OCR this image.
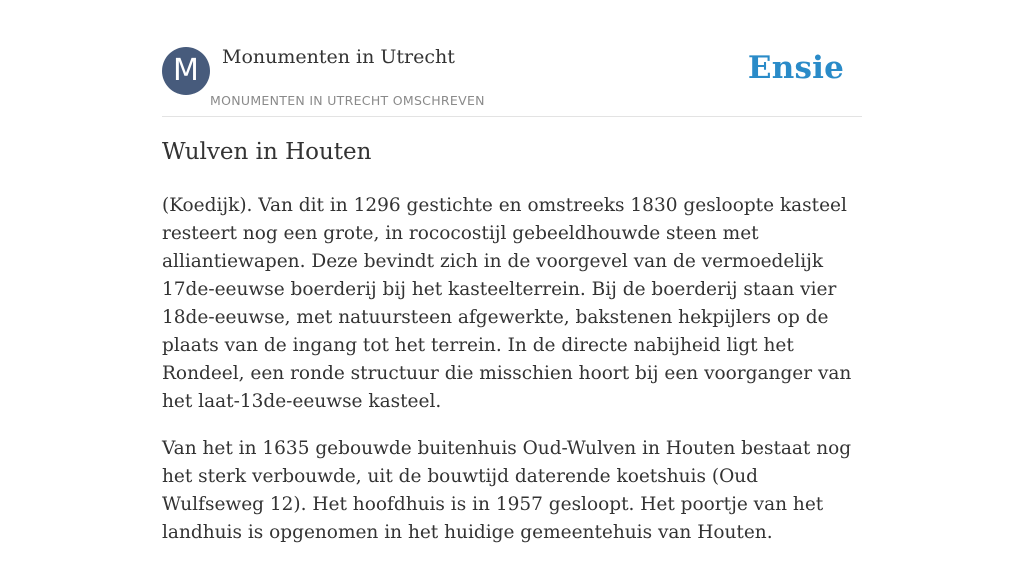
M	Monumenten in Utrecht
MONUMENTEN IN UTRECHT OMSCHREVEN
Ensie
Wulven in Houten

(Koedijk). Van dit in 1296 gestichte en omstreeks 1830 gesloopte kasteel resteert nog een grote, in rococostijl gebeeldhouwde steen met alliantiewapen. Deze bevindt zich in de voorgevel van de vermoedelijk 17de-eeuwse boerderij bij het kasteelterrein. Bij de boerderij staan vier 18de-eeuwse, met natuursteen afgewerkte, bakstenen hekpijlers op de plaats van de ingang tot het terrein. In de directe nabijheid ligt het Rondeel, een ronde structuur die misschien hoort bij een voorganger van het laat-13de-eeuwse kasteel.

Van het in 1635 gebouwde buitenhuis Oud-Wulven in Houten bestaat nog het sterk verbouwde, uit de bouwtijd daterende koetshuis (Oud Wulfseweg 12). Het hoofdhuis is in 1957 gesloopt. Het poortje van het landhuis is opgenomen in het huidige gemeentehuis van Houten.
